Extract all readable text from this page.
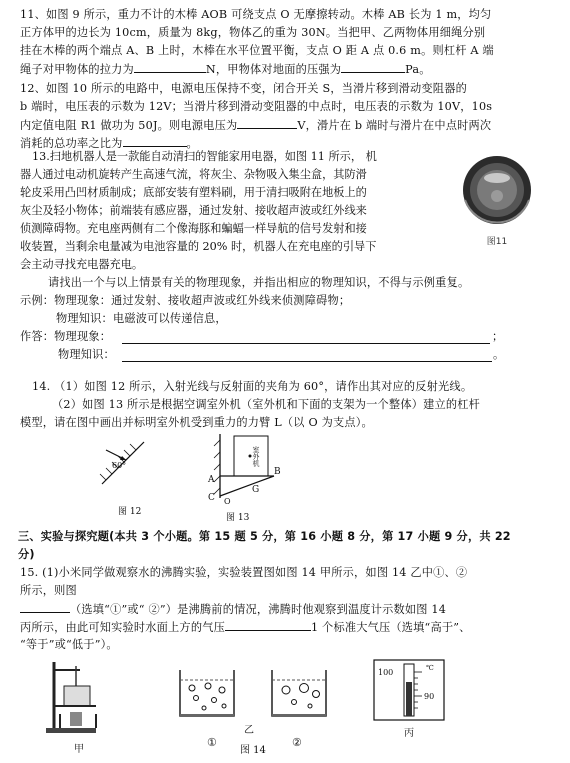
11、如图 9 所示，重力不计的木棒 AOB 可绕支点 O 无摩擦转动。木棒 AB 长为 1 m，均匀
正方体甲的边长为 10cm，质量为 8kg，物体乙的重为 30N。当把甲、乙两物体用细绳分别
挂在木棒的两个端点 A、B 上时，木棒在水平位置平衡，支点 O 距 A 点 0.6 m。则杠杆 A 端
绳子对甲物体的拉力为	N，甲物体对地面的压强为	Pa。
12、如图 10 所示的电路中，电源电压保持不变，闭合开关 S，当滑片移到滑动变阻器的
b 端时，电压表的示数为 12V；当滑片移到滑动变阻器的中点时，电压表的示数为 10V，10s
内定值电阻 R1 做功为 50J。则电源电压为	V，滑片在 b 端时与滑片在中点时两次
消耗的总功率之比为	。
13.扫地机器人是一款能自动清扫的智能家用电器，如图 11 所示， 机
器人通过电动机旋转产生高速气流，将灰尘、杂物吸入集尘盒，其防滑
轮皮采用凸凹材质制成；底部安装有塑料刷，用于清扫吸附在地板上的
灰尘及轻小物体；前端装有感应器，通过发射、接收超声波或红外线来
侦测障碍物。充电座两侧有二个像海豚和蝙蝠一样导航的信号发射和接
收装置，当剩余电量减为电池容量的 20% 时，机器人在充电座的引导下
会主动寻找充电器充电。
图11
请找出一个与以上情景有关的物理现象，并指出相应的物理知识，不得与示例重复。
示例：物理现象：通过发射、接收超声波或红外线来侦测障碍物；
物理知识：电磁波可以传递信息，
作答：物理现象：	；
物理知识：	。
14. （1）如图 12 所示，入射光线与反射面的夹角为 60°，请作出其对应的反射光线。
（2）如图 13 所示是根据空调室外机（室外机和下面的支架为一个整体）建立的杠杆
模型，请在图中画出并标明室外机受到重力的力臂 L（以 O 为支点）。
60°
图 12
室外机
A
B
C
G
O
图 13
三、实验与探究题(本共 3 个小题。第 15 题 5 分，第 16 小题 8 分，第 17 小题 9 分，共 22
分)
15. (1)小米同学做观察水的沸腾实验，实验装置图如图 14 甲所示，如图 14 乙中①、②
所示，则图
（选填“①”或“ ②”）是沸腾前的情况，沸腾时他观察到温度计示数如图 14
丙所示，由此可知实验时水面上方的气压	1 个标准大气压（选填“高于”、
“等于”或“低于”）。
甲
乙
①	②
图 14
100
90
℃
丙
